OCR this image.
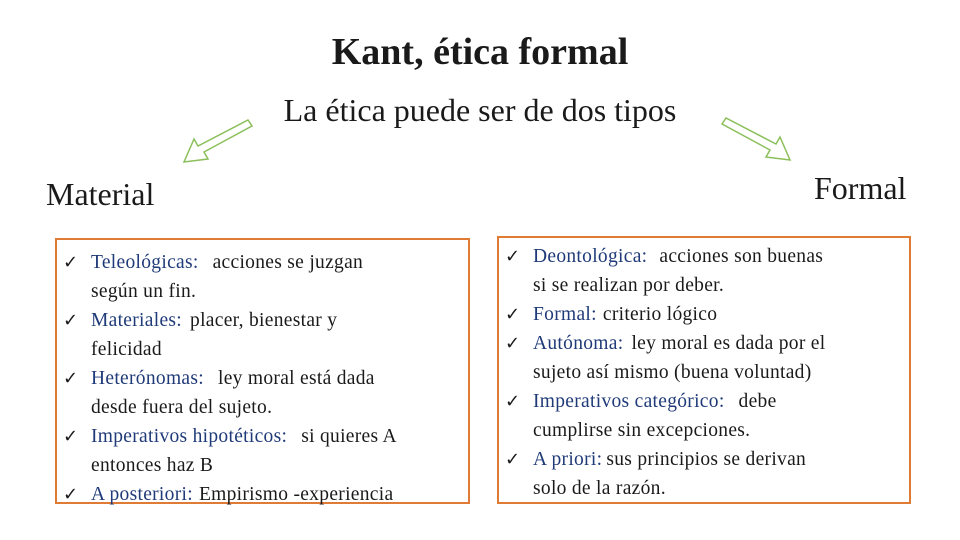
Kant, ética formal
La ética puede ser de dos tipos
Material	Formal
✓ Teleológicas: acciones se juzgan
según un fin.
✓ Materiales: placer, bienestar y
felicidad
✓ Heterónomas: ley moral está dada
desde fuera del sujeto.
✓ Imperativos hipotéticos: si quieres A
entonces haz B
✓ A posteriori: Empirismo -experiencia
✓ Deontológica: acciones son buenas
si se realizan por deber.
✓ Formal: criterio lógico
✓ Autónoma: ley moral es dada por el
sujeto así mismo (buena voluntad)
✓ Imperativos categórico: debe
cumplirse sin excepciones.
✓ A priori: sus principios se derivan
solo de la razón.
